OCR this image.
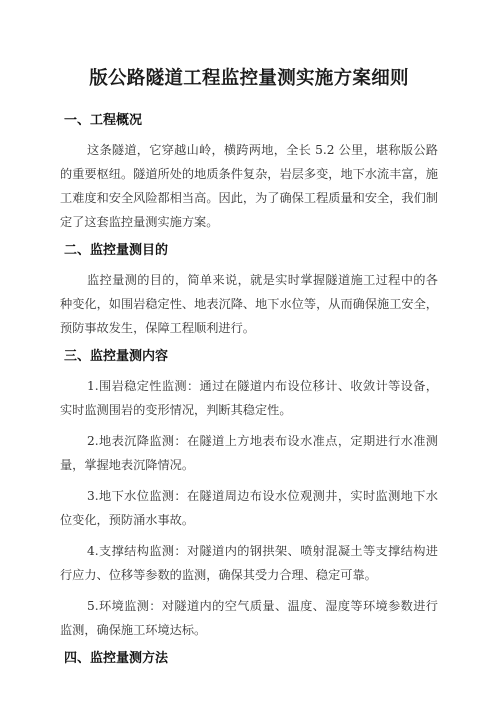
版公路隧道工程监控量测实施方案细则
一、工程概况

这条隧道，它穿越山岭，横跨两地，全长 5.2 公里，堪称版公路的重要枢纽。隧道所处的地质条件复杂，岩层多变，地下水流丰富，施工难度和安全风险都相当高。因此，为了确保工程质量和安全，我们制定了这套监控量测实施方案。

二、监控量测目的

监控量测的目的，简单来说，就是实时掌握隧道施工过程中的各种变化，如围岩稳定性、地表沉降、地下水位等，从而确保施工安全，预防事故发生，保障工程顺利进行。

三、监控量测内容

1.围岩稳定性监测：通过在隧道内布设位移计、收敛计等设备，实时监测围岩的变形情况，判断其稳定性。

2.地表沉降监测：在隧道上方地表布设水准点，定期进行水准测量，掌握地表沉降情况。

3.地下水位监测：在隧道周边布设水位观测井，实时监测地下水位变化，预防涌水事故。

4.支撑结构监测：对隧道内的钢拱架、喷射混凝土等支撑结构进行应力、位移等参数的监测，确保其受力合理、稳定可靠。

5.环境监测：对隧道内的空气质量、温度、湿度等环境参数进行监测，确保施工环境达标。

四、监控量测方法
